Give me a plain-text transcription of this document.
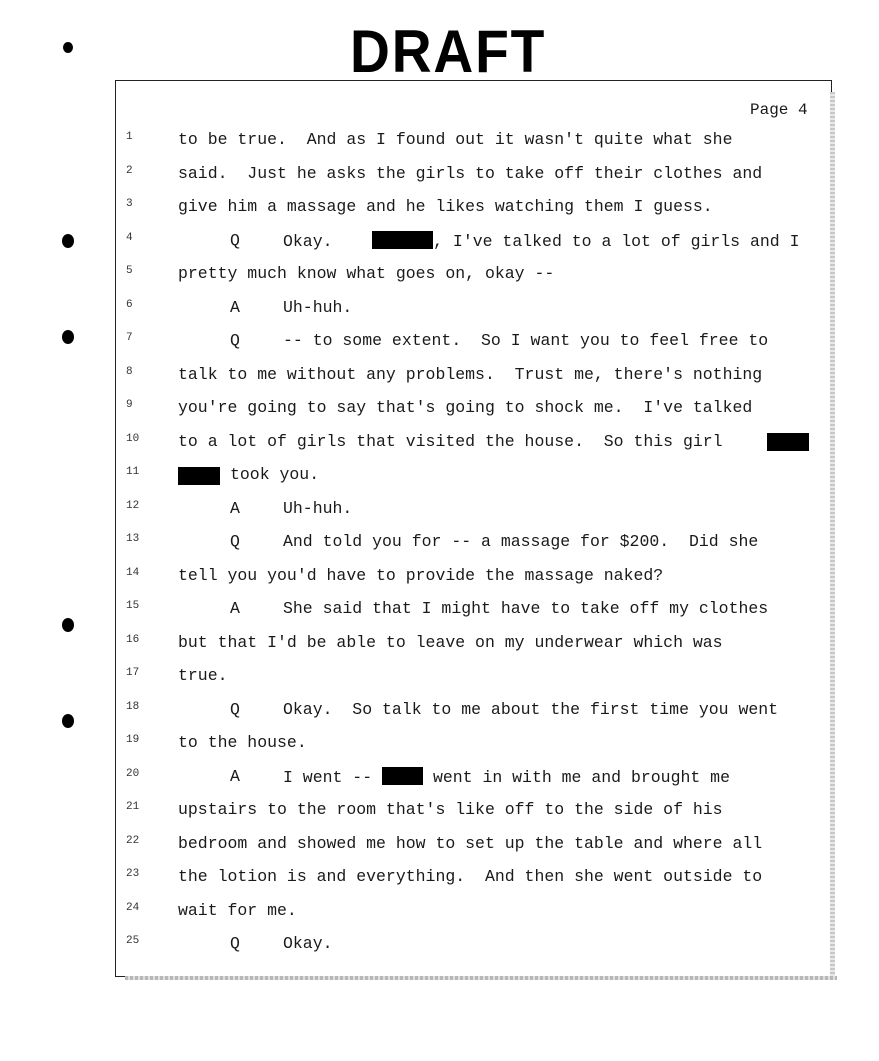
DRAFT
Page 4
1	to be true.  And as I found out it wasn't quite what she
2	said.  Just he asks the girls to take off their clothes and
3	give him a massage and he likes watching them I guess.
4	Q	Okay.	, I've talked to a lot of girls and I
5	pretty much know what goes on, okay --
6	A	Uh-huh.
7	Q	-- to some extent.  So I want you to feel free to
8	talk to me without any problems.  Trust me, there's nothing
9	you're going to say that's going to shock me.  I've talked
10	to a lot of girls that visited the house.  So this girl
11	took you.
12	A	Uh-huh.
13	Q	And told you for -- a massage for $200.  Did she
14	tell you you'd have to provide the massage naked?
15	A	She said that I might have to take off my clothes
16	but that I'd be able to leave on my underwear which was
17	true.
18	Q	Okay.  So talk to me about the first time you went
19	to the house.
20	A	I went --	went in with me and brought me
21	upstairs to the room that's like off to the side of his
22	bedroom and showed me how to set up the table and where all
23	the lotion is and everything.  And then she went outside to
24	wait for me.
25	Q	Okay.
